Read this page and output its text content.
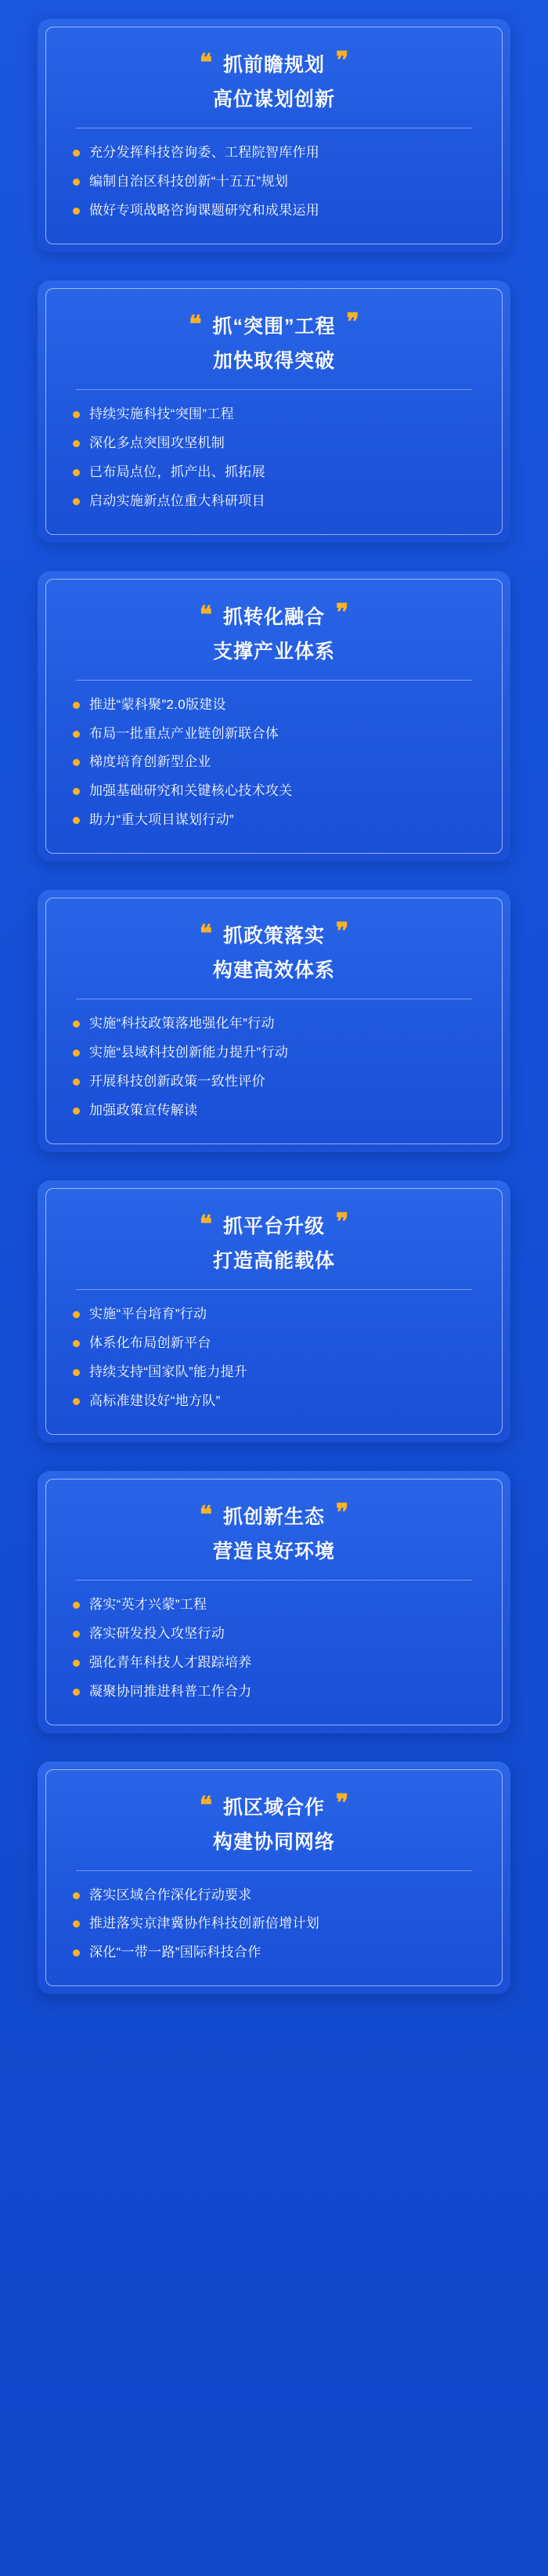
❝ 抓前瞻规划 ❞
高位谋划创新
充分发挥科技咨询委、工程院智库作用
编制自治区科技创新“十五五”规划
做好专项战略咨询课题研究和成果运用
❝ 抓“突围”工程 ❞
加快取得突破
持续实施科技“突围”工程
深化多点突围攻坚机制
已布局点位，抓产出、抓拓展
启动实施新点位重大科研项目
❝ 抓转化融合 ❞
支撑产业体系
推进“蒙科聚”2.0版建设
布局一批重点产业链创新联合体
梯度培育创新型企业
加强基础研究和关键核心技术攻关
助力“重大项目谋划行动”
❝ 抓政策落实 ❞
构建高效体系
实施“科技政策落地强化年”行动
实施“县域科技创新能力提升”行动
开展科技创新政策一致性评价
加强政策宣传解读
❝ 抓平台升级 ❞
打造高能载体
实施“平台培育”行动
体系化布局创新平台
持续支持“国家队”能力提升
高标准建设好“地方队”
❝ 抓创新生态 ❞
营造良好环境
落实“英才兴蒙”工程
落实研发投入攻坚行动
强化青年科技人才跟踪培养
凝聚协同推进科普工作合力
❝ 抓区域合作 ❞
构建协同网络
落实区域合作深化行动要求
推进落实京津冀协作科技创新倍增计划
深化“一带一路”国际科技合作
